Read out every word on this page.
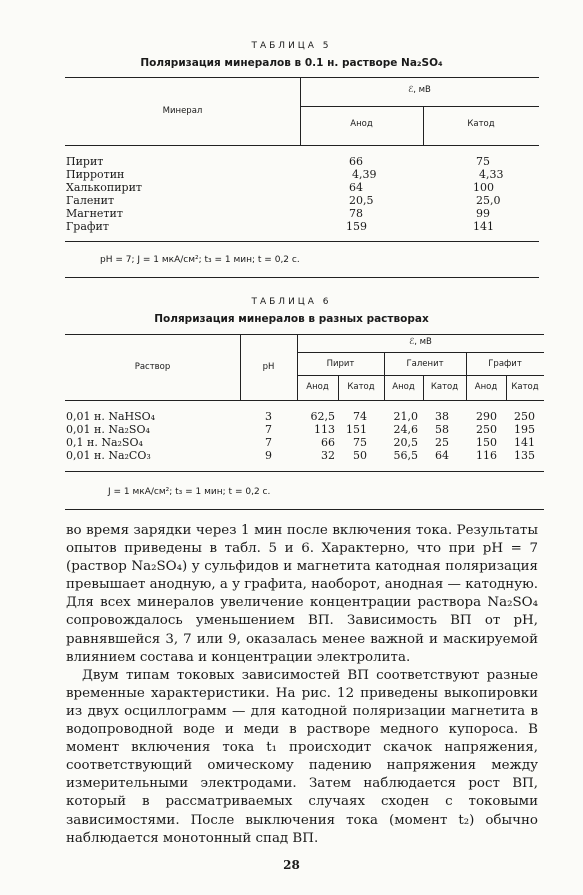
ТАБЛИЦА 5
Поляризация минералов в 0.1 н. растворе Na₂SO₄
Минерал
ℰ, мВ
Анод	Катод
Пирит	66	75
Пирротин	4,39	4,33
Халькопирит	64	100
Галенит	20,5	25,0
Магнетит	78	99
Графит	159	141
pH = 7; J = 1 мкА/см²; t₃ = 1 мин; t = 0,2 с.
ТАБЛИЦА 6
Поляризация минералов в разных растворах
Раствор	pH
ℰ, мВ
Пирит	Галенит	Графит
Анод	Катод	Анод	Катод	Анод	Катод
0,01 н. NaHSO₄	3	62,5	74	21,0	38	290	250
0,01 н. Na₂SO₄	7	113	151	24,6	58	250	195
0,1 н. Na₂SO₄	7	66	75	20,5	25	150	141
0,01 н. Na₂CO₃	9	32	50	56,5	64	116	135
J = 1 мкА/см²; t₃ = 1 мин; t = 0,2 с.

во время зарядки через 1 мин после включения тока. Результаты опытов приведены в табл. 5 и 6. Характерно, что при pH = 7 (раствор Na₂SO₄) у сульфидов и магнетита катодная поляризация превышает анодную, а у графита, наоборот, анодная — катодную. Для всех минералов увеличение концентрации раствора Na₂SO₄ сопровождалось уменьшением ВП. Зависимость ВП от pH, равнявшейся 3, 7 или 9, оказалась менее важной и маскируемой влиянием состава и концентрации электролита.

Двум типам токовых зависимостей ВП соответствуют разные временные характеристики. На рис. 12 приведены выкопировки из двух осциллограмм — для катодной поляризации магнетита в водопроводной воде и меди в растворе медного купороса. В момент включения тока t₁ происходит скачок напряжения, соответствующий омическому падению напряжения между измерительными электродами. Затем наблюдается рост ВП, который в рассматриваемых случаях сходен с токовыми зависимостями. После выключения тока (момент t₂) обычно наблюдается монотонный спад ВП.

28
